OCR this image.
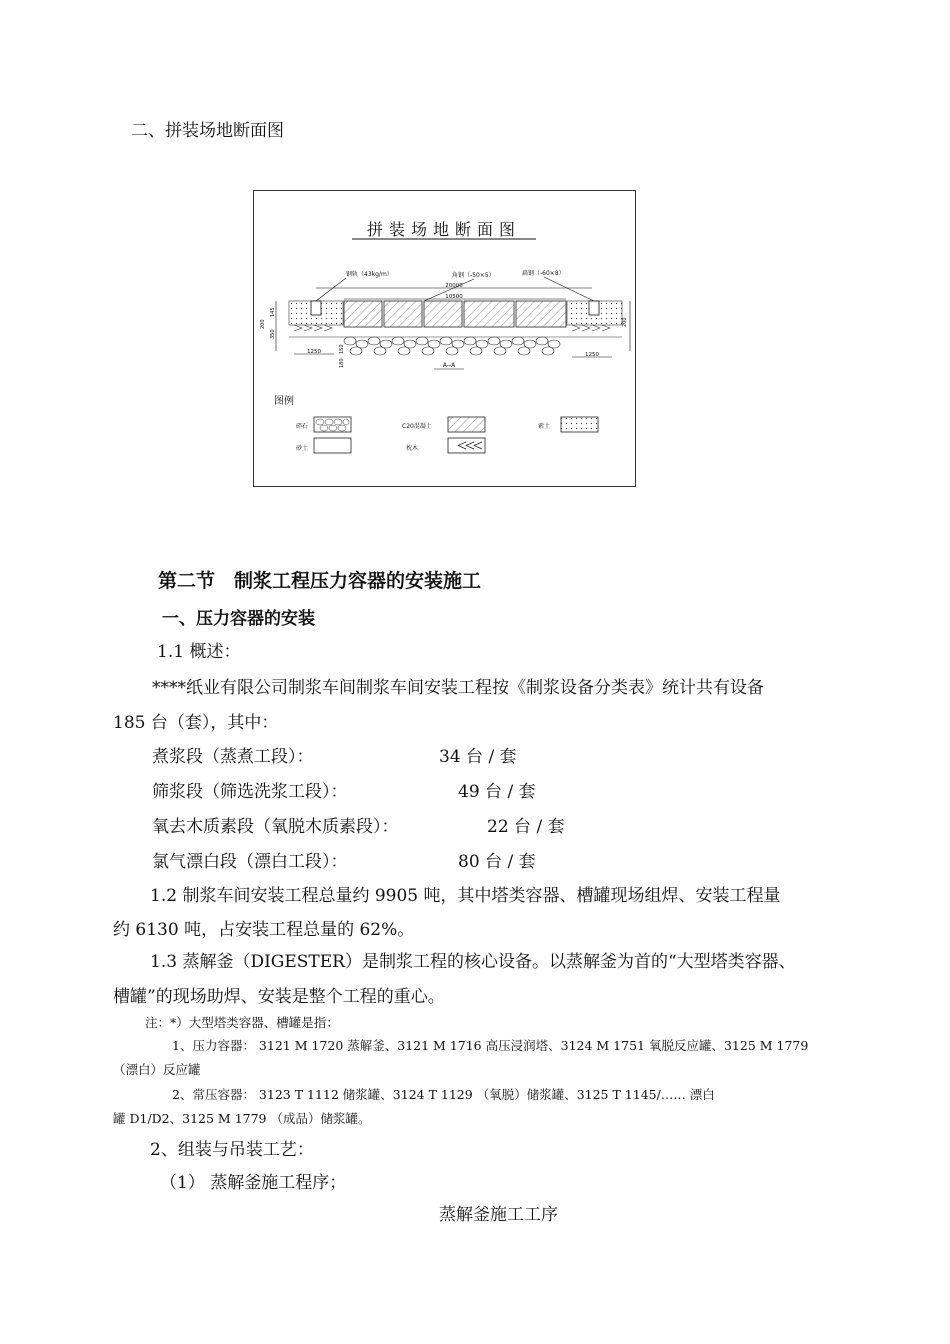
二、拼装场地断面图
拼装场地断面图
钢轨（43kg/m）	角钢（-50×5）	扁钢（-60×8）
20000
10500
200	200
145
350
150
180
1250	1250
A--A
图例
碎石	C20混凝土	素土
砂土	枕木
第二节　制浆工程压力容器的安装施工
一、压力容器的安装
1.1 概述：
****纸业有限公司制浆车间制浆车间安装工程按《制浆设备分类表》统计共有设备
185 台（套），其中：
煮浆段（蒸煮工段）：	34 台 / 套
筛浆段（筛选洗浆工段）：	49 台 / 套
氧去木质素段（氧脱木质素段）：	22 台 / 套
氯气漂白段（漂白工段）：	80 台 / 套
1.2 制浆车间安装工程总量约 9905 吨，其中塔类容器、槽罐现场组焊、安装工程量
约 6130 吨，占安装工程总量的 62%。
1.3 蒸解釜（DIGESTER）是制浆工程的核心设备。以蒸解釜为首的“大型塔类容器、
槽罐”的现场助焊、安装是整个工程的重心。
注：*）大型塔类容器、槽罐是指：
1、压力容器： 3121 M 1720 蒸解釜、3121 M 1716 高压浸润塔、3124 M 1751 氧脱反应罐、3125 M 1779
（漂白）反应罐
2、常压容器： 3123 T 1112 储浆罐、3124 T 1129 （氧脱）储浆罐、3125 T 1145/…… 漂白
罐 D1/D2、3125 M 1779 （成品）储浆罐。
2、组装与吊装工艺：
（1） 蒸解釜施工程序；
蒸解釜施工工序
